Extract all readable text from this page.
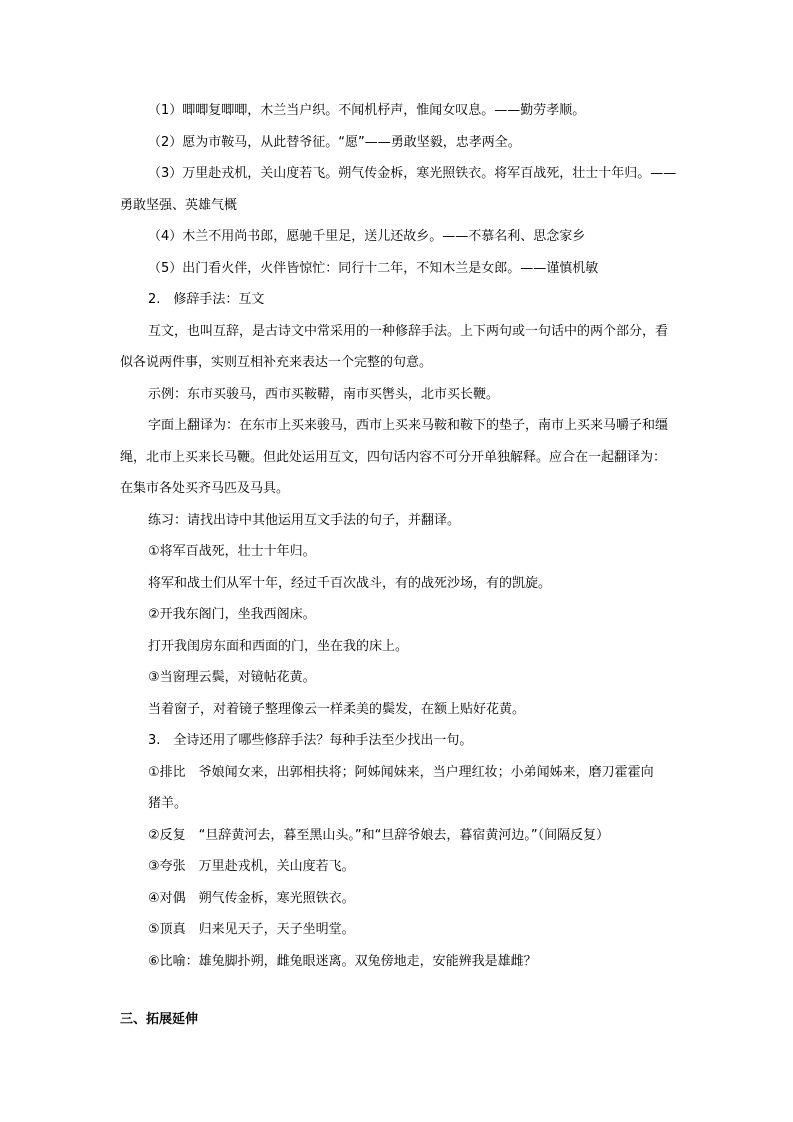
（1）唧唧复唧唧，木兰当户织。不闻机杼声，惟闻女叹息。——勤劳孝顺。
（2）愿为市鞍马，从此替爷征。“愿”——勇敢坚毅，忠孝两全。
（3）万里赴戎机，关山度若飞。朔气传金柝，寒光照铁衣。将军百战死，壮士十年归。——
勇敢坚强、英雄气概
（4）木兰不用尚书郎，愿驰千里足，送儿还故乡。——不慕名利、思念家乡
（5）出门看火伴，火伴皆惊忙：同行十二年，不知木兰是女郎。——谨慎机敏
2.　修辞手法：互文
互文，也叫互辞，是古诗文中常采用的一种修辞手法。上下两句或一句话中的两个部分，看
似各说两件事，实则互相补充来表达一个完整的句意。
示例：东市买骏马，西市买鞍鞯，南市买辔头，北市买长鞭。
字面上翻译为：在东市上买来骏马，西市上买来马鞍和鞍下的垫子，南市上买来马嚼子和缰
绳，北市上买来长马鞭。但此处运用互文，四句话内容不可分开单独解释。应合在一起翻译为：
在集市各处买齐马匹及马具。
练习：请找出诗中其他运用互文手法的句子，并翻译。
①将军百战死，壮士十年归。
将军和战士们从军十年，经过千百次战斗，有的战死沙场，有的凯旋。
②开我东阁门，坐我西阁床。
打开我闺房东面和西面的门，坐在我的床上。
③当窗理云鬓，对镜帖花黄。
当着窗子，对着镜子整理像云一样柔美的鬓发，在额上贴好花黄。
3.　全诗还用了哪些修辞手法？每种手法至少找出一句。
①排比　爷娘闻女来，出郭相扶将；阿姊闻妹来，当户理红妆；小弟闻姊来，磨刀霍霍向
猪羊。
②反复　“旦辞黄河去，暮至黑山头。”和“旦辞爷娘去，暮宿黄河边。”（间隔反复）
③夸张　万里赴戎机，关山度若飞。
④对偶　朔气传金柝，寒光照铁衣。
⑤顶真　归来见天子，天子坐明堂。
⑥比喻：雄兔脚扑朔，雌兔眼迷离。双兔傍地走，安能辨我是雄雌？
三、拓展延伸
